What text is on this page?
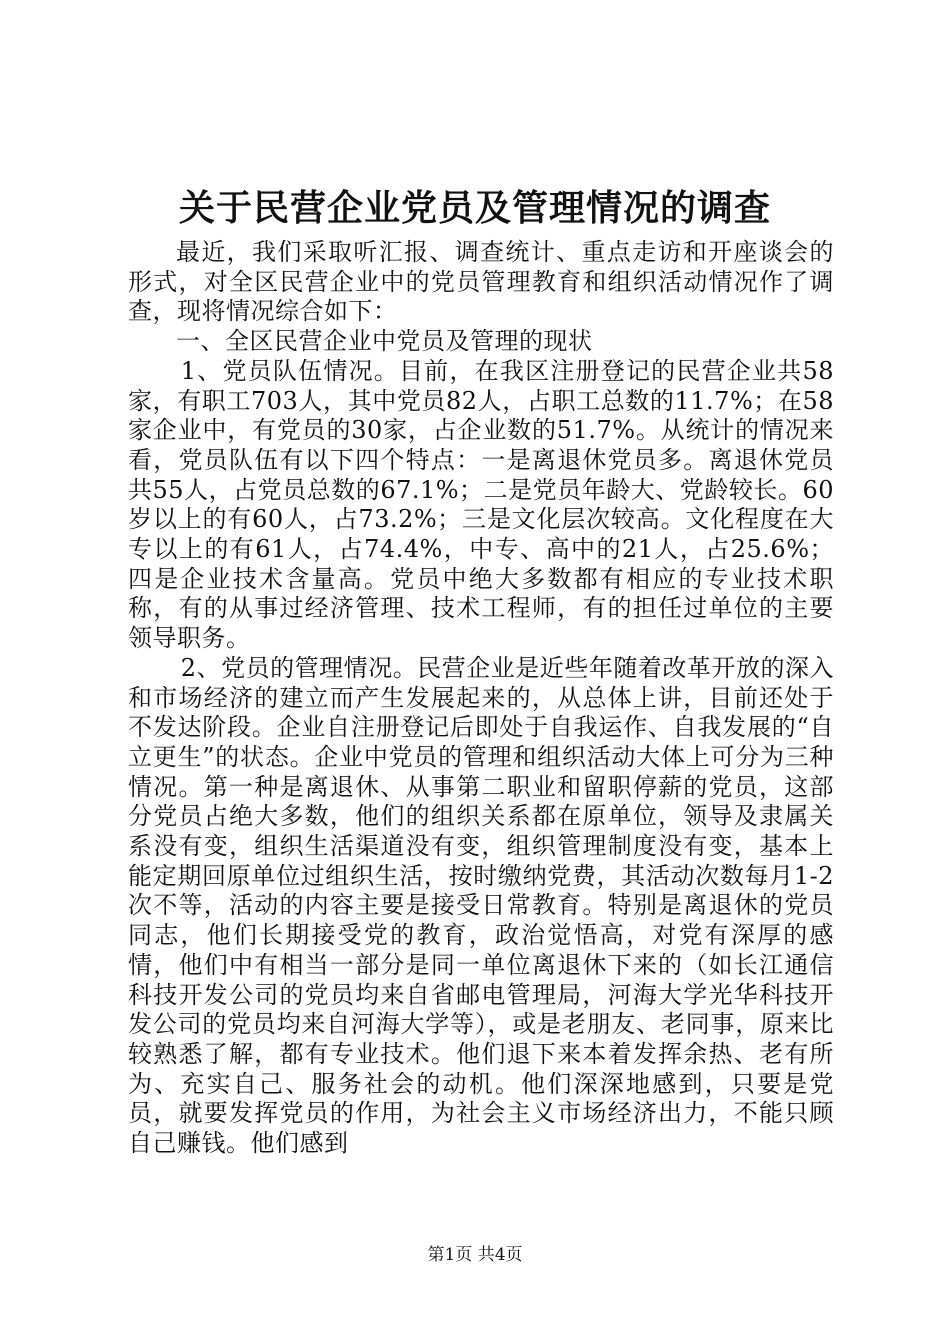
关于民营企业党员及管理情况的调查

最近，我们采取听汇报、调查统计、重点走访和开座谈会的形式，对全区民营企业中的党员管理教育和组织活动情况作了调查，现将情况综合如下：

一、全区民营企业中党员及管理的现状

1、党员队伍情况。目前，在我区注册登记的民营企业共58家，有职工703人，其中党员82人，占职工总数的11.7%；在58家企业中，有党员的30家，占企业数的51.7%。从统计的情况来看，党员队伍有以下四个特点：一是离退休党员多。离退休党员共55人，占党员总数的67.1%；二是党员年龄大、党龄较长。60岁以上的有60人，占73.2%；三是文化层次较高。文化程度在大专以上的有61人，占74.4%，中专、高中的21人，占25.6%；四是企业技术含量高。党员中绝大多数都有相应的专业技术职称，有的从事过经济管理、技术工程师，有的担任过单位的主要领导职务。

2、党员的管理情况。民营企业是近些年随着改革开放的深入和市场经济的建立而产生发展起来的，从总体上讲，目前还处于不发达阶段。企业自注册登记后即处于自我运作、自我发展的“自立更生”的状态。企业中党员的管理和组织活动大体上可分为三种情况。第一种是离退休、从事第二职业和留职停薪的党员，这部分党员占绝大多数，他们的组织关系都在原单位，领导及隶属关系没有变，组织生活渠道没有变，组织管理制度没有变，基本上能定期回原单位过组织生活，按时缴纳党费，其活动次数每月1-2次不等，活动的内容主要是接受日常教育。特别是离退休的党员同志，他们长期接受党的教育，政治觉悟高，对党有深厚的感情，他们中有相当一部分是同一单位离退休下来的（如长江通信科技开发公司的党员均来自省邮电管理局，河海大学光华科技开发公司的党员均来自河海大学等），或是老朋友、老同事，原来比较熟悉了解，都有专业技术。他们退下来本着发挥余热、老有所为、充实自己、服务社会的动机。他们深深地感到，只要是党员，就要发挥党员的作用，为社会主义市场经济出力，不能只顾自己赚钱。他们感到

第1页 共4页
